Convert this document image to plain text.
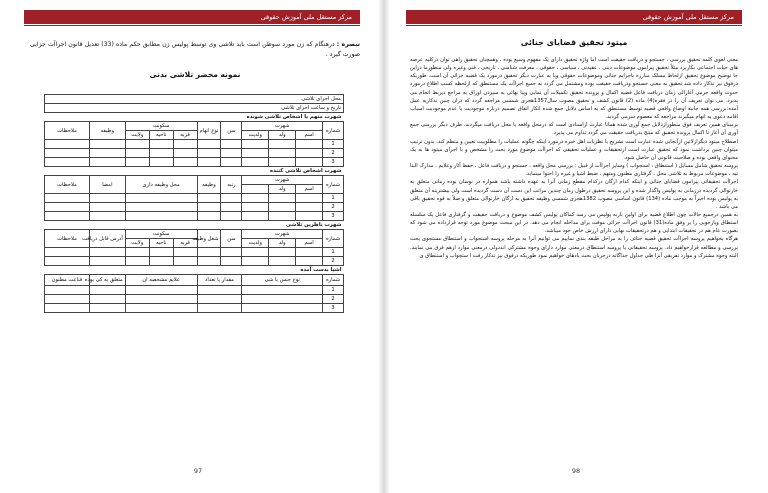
مرکز مستقل ملی آموزش حقوقی
تبصره : درهنگام که زن مورد سوظن است باید تلاشی وی توسط پولیس زن مطابق حکم ماده (33) تعدیل قانون اجراآت جزایی صورت گیرد .
نمونه محضر تلاشی بدنی
محل اجرای تلاشی										
تاریخ و ساعت اجرای تلاشی										
شهرت متهم یا اشخاص تلاشی شونده										
شماره	شهرت			سن	نوع اتهام	سکونت			وظیفه	ملاحظات
	اسم	ولد	ولدیت			قریه	ناحیه	ولایت		
1										
2										
3										
شهرت اشخاص تلاشی کننده										
شماره	شهرت			رتبه	وظیفه	محل وظیفه داری			امضا	ملاحظات
	اسم	ولد								
1										
2										
3										
شهرت ناظرین تلاشی										
شماره	شهرت			سن	شغل وظیفه	سکونت			آدرس قابل دریافت	ملاحظات
	اسم	ولد	ولدیت			قریه	ناحیه	ولایت		
1										
2										
اشیا بدست آمده										
شماره	نوع جنس یا شی			مقدار یا تعداد		علایم مشخصه ان			متعلق به کی بوده	قناعت مظنون
1										
2										
3										
97
مرکز مستقل ملی آموزش حقوقی
میتود تحقیق قضایای جنائی

معنی لغوی کلمه تحقیق بررسی ، جستجو و دریافت حقیقت است اما واژه تحقیق دارای یک مفهوم وسیع بوده ، وهمچنان تحقیق راهی توان درکلیه عرصه های حیات اجتماعی بکاربرد مثلاً تحقیق پیرامون موضوعات دینی ، عقیدتی ، سیاسی ، حقوقی ، معرفت شناسی ، تاریخی ، فنی وغیره ولی منظورما دراین جا توضیح موضوع تحقیق ازلحاظ مسلک مبارزه باجرایم جنائی وموضوعات حقوقی ویا به عبارت دیگر تحقیق درمورد یک قضیه جزائی آن است. طوریکه درفوق نیز تذکار داده شد تحقیق به معنی جستجو ودریافت حقیقت بوده ومشتمل می گردد به جمیع اجراآت یک مستنطق که ازلحظه کسب اطلاع درمورد حدوث واقعه جرمی آغازالی زمان دریافت فاعل قضیه اکمال و پرونده تحقیق تکمیلات آن نمایی وپیا نهائی به سپردن اوراق به مراجع ذیربط انجام می پذیرد. می توان تعریف آن را در فقره(4) ماده (2) قانون کشف و تحقیق مصوب سال1357هجری شمسی مراجعه گردد که دران چنین تذکاریه عمل آمده:بررسی همه جانبه اوضاع واقعی قضیه توسط مستنطق که به اساس دلایل جمع شده انکار اتفاق تصمیم درباره موجودیت یا عدم موجودیت اسباب اقامه دعوی یه اتهام میگیرند مراجعه که معصوم سرمی گردید.

برمبنای همین تعریف فوق منظورازدلایل جمع آوری شده همانا عبارت ازاسنادی است که درمحل واقعه یا محل دریافت میگردند. طرف دیگر بررسی جمع آوری آن آغاز تا اکمال پرونده تحقیق که منتج بدریافت حقیقت می گردد تداوم می پذیرد.

اصطلاح میتود دیگرازلاتین ازآنجایی شده عبارت است تشریح یا نظریات اهل خبره درمورد اینکه چگونه عملیات را مطلوبیت تعیین و منظم کند. بدون ترتیب میتوان چنین برداشت نمود که تحقیق عبارت است ازتحقیقات و عملیات تحقیقی که اجراآت موضوع مورد بحث را مشخص و با اجرای میتود ها به یک محتوای واقعی بوده و صلاحیت قانونی آن حاصل شود.

پروسه تحقیق شامل مسایل ( استنطاق ، استجواب ) وسایر اجراآت از قبیل : بررسی محل واقعه ، جستجو و دریافت فاعل ، حفظ آثار وعلایم ، مدارک البتا تیه ، موضوعات مربوط به تلاشی محل ، گرفتاری مظنون ومتهم ، ضبط اشیا و غیره را احتوا مینماید.

اجراآت تحقیقاتی پیرامون قضایای جنائی و اینکه کدام ارگان درکدام مقطع زمانی آنرا به عهده داشته باشد همواره در نوسان بوده زمانی متعلق به څارنوالی گردیده درزمانی به پولیس واگذار شده و این پروسه تحقیق درطول زمان چندین مراتب این دست آن دست گردیده است ولی بیشترینه آن متعلق به پولیس بوده اخیراً به موجب ماده (134) قانون اساسی مصوب 1382هجری شمسی وظیفه تحقیق به ارگان څارنوالی متعلق و صلاً به قوه تحقیق باقی می باشد .

به همین درجمیع حالات چون اطلاع قضیه برای اولین باربه پولیس می رسد کماکان پولیس کشف موضوع و دریافت حقیقت و گرفتاری فاعل یک سلسله استطاق وپازجویی را بر وفق ماده(31) قانون اجراآت جزائی موقت برای مداخله انجام می دهد. در این مبحث موضوع مورد توجه قرارداده می شود که بصورت عام هم در تحقیقات ابتدایی و هم درتحقیقات نهایی دارای ارزش خاص خود میباشد.

هرگاه بخواهیم پروسه اجراآت تحقیق قضیه جنائی را به مراحل طبقه بندی نماییم می توانیم آنرا به مرحله پروسه استجواب و استنطاق مستجوی بحث بررسی و مطالعه قرارخواهیم داد. پروسه تحقیقاتی یا پروسه استنطاق درمعنی موارد دارای وجوه مشترکی انذدولی درمعنی موارد ازهم فرق می نمایند. البته وجوه مشترک و موارد تفریقی آنرا طی جداول جداگانه درجریان بحث یادهای خواهیم نمود طوریکه درفوق نیز تذکار رفت ا ستجواب و استنطاق ی

98
